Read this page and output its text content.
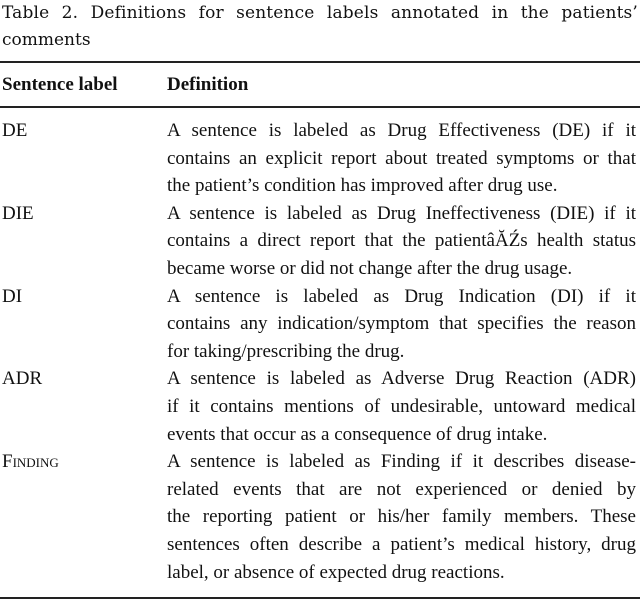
Table 2. Definitions for sentence labels annotated in the patients’
comments
Sentence label	Definition
DE	A sentence is labeled as Drug Effectiveness (DE) if it
contains an explicit report about treated symptoms or that
the patient’s condition has improved after drug use.
DIE	A sentence is labeled as Drug Ineffectiveness (DIE) if it
contains a direct report that the patientâĂŹs health status
became worse or did not change after the drug usage.
DI	A sentence is labeled as Drug Indication (DI) if it
contains any indication/symptom that specifies the reason
for taking/prescribing the drug.
ADR	A sentence is labeled as Adverse Drug Reaction (ADR)
if it contains mentions of undesirable, untoward medical
events that occur as a consequence of drug intake.
Finding	A sentence is labeled as Finding if it describes disease-
related events that are not experienced or denied by
the reporting patient or his/her family members. These
sentences often describe a patient’s medical history, drug
label, or absence of expected drug reactions.
